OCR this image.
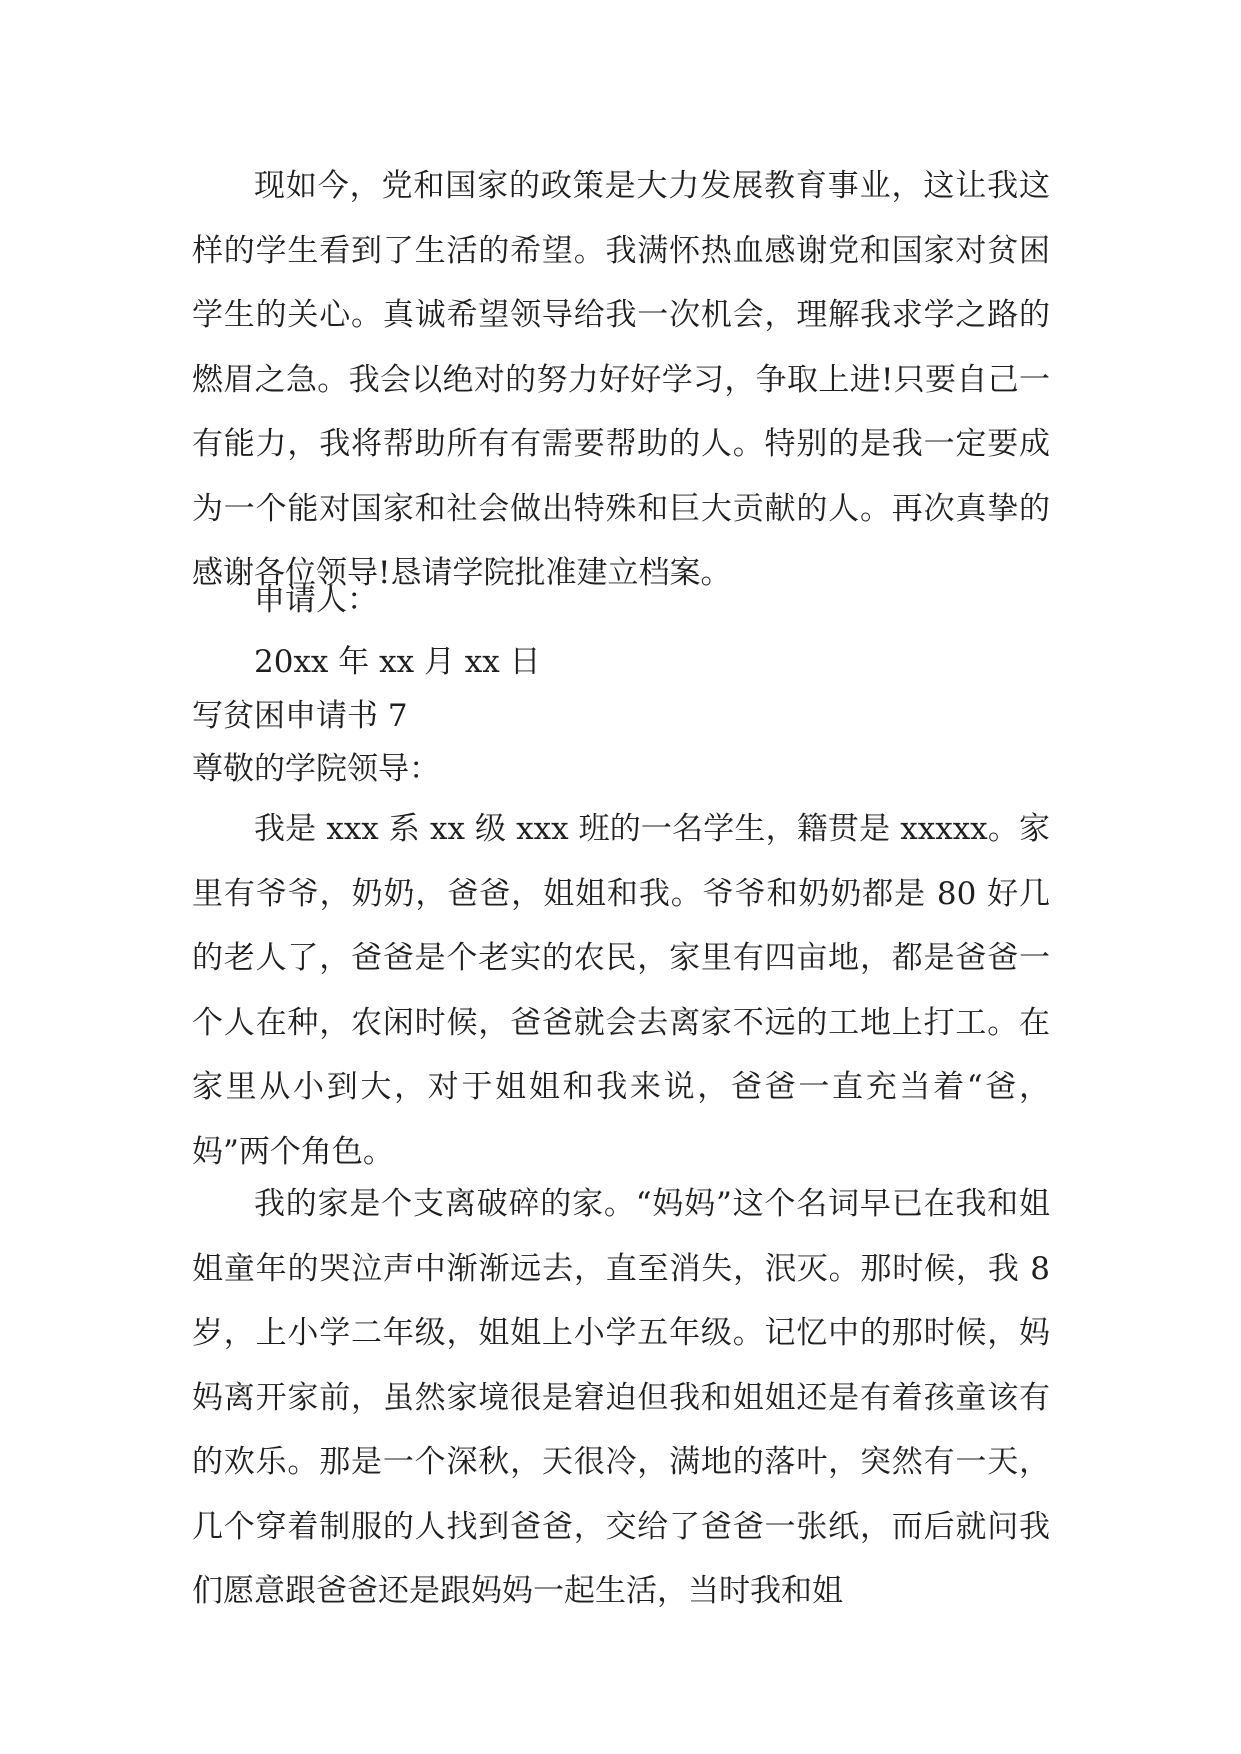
现如今，党和国家的政策是大力发展教育事业，这让我这样的学生看到了生活的希望。我满怀热血感谢党和国家对贫困学生的关心。真诚希望领导给我一次机会，理解我求学之路的燃眉之急。我会以绝对的努力好好学习，争取上进!只要自己一有能力，我将帮助所有有需要帮助的人。特别的是我一定要成为一个能对国家和社会做出特殊和巨大贡献的人。再次真挚的感谢各位领导!恳请学院批准建立档案。

申请人：

20xx 年 xx 月 xx 日

写贫困申请书 7

尊敬的学院领导：

我是 xxx 系 xx 级 xxx 班的一名学生，籍贯是 xxxxx。家里有爷爷，奶奶，爸爸，姐姐和我。爷爷和奶奶都是 80 好几的老人了，爸爸是个老实的农民，家里有四亩地，都是爸爸一个人在种，农闲时候，爸爸就会去离家不远的工地上打工。在家里从小到大，对于姐姐和我来说，爸爸一直充当着“爸，妈”两个角色。

我的家是个支离破碎的家。“妈妈”这个名词早已在我和姐姐童年的哭泣声中渐渐远去，直至消失，泯灭。那时候，我 8 岁，上小学二年级，姐姐上小学五年级。记忆中的那时候，妈妈离开家前，虽然家境很是窘迫但我和姐姐还是有着孩童该有的欢乐。那是一个深秋，天很冷，满地的落叶，突然有一天，几个穿着制服的人找到爸爸，交给了爸爸一张纸，而后就问我们愿意跟爸爸还是跟妈妈一起生活，当时我和姐
